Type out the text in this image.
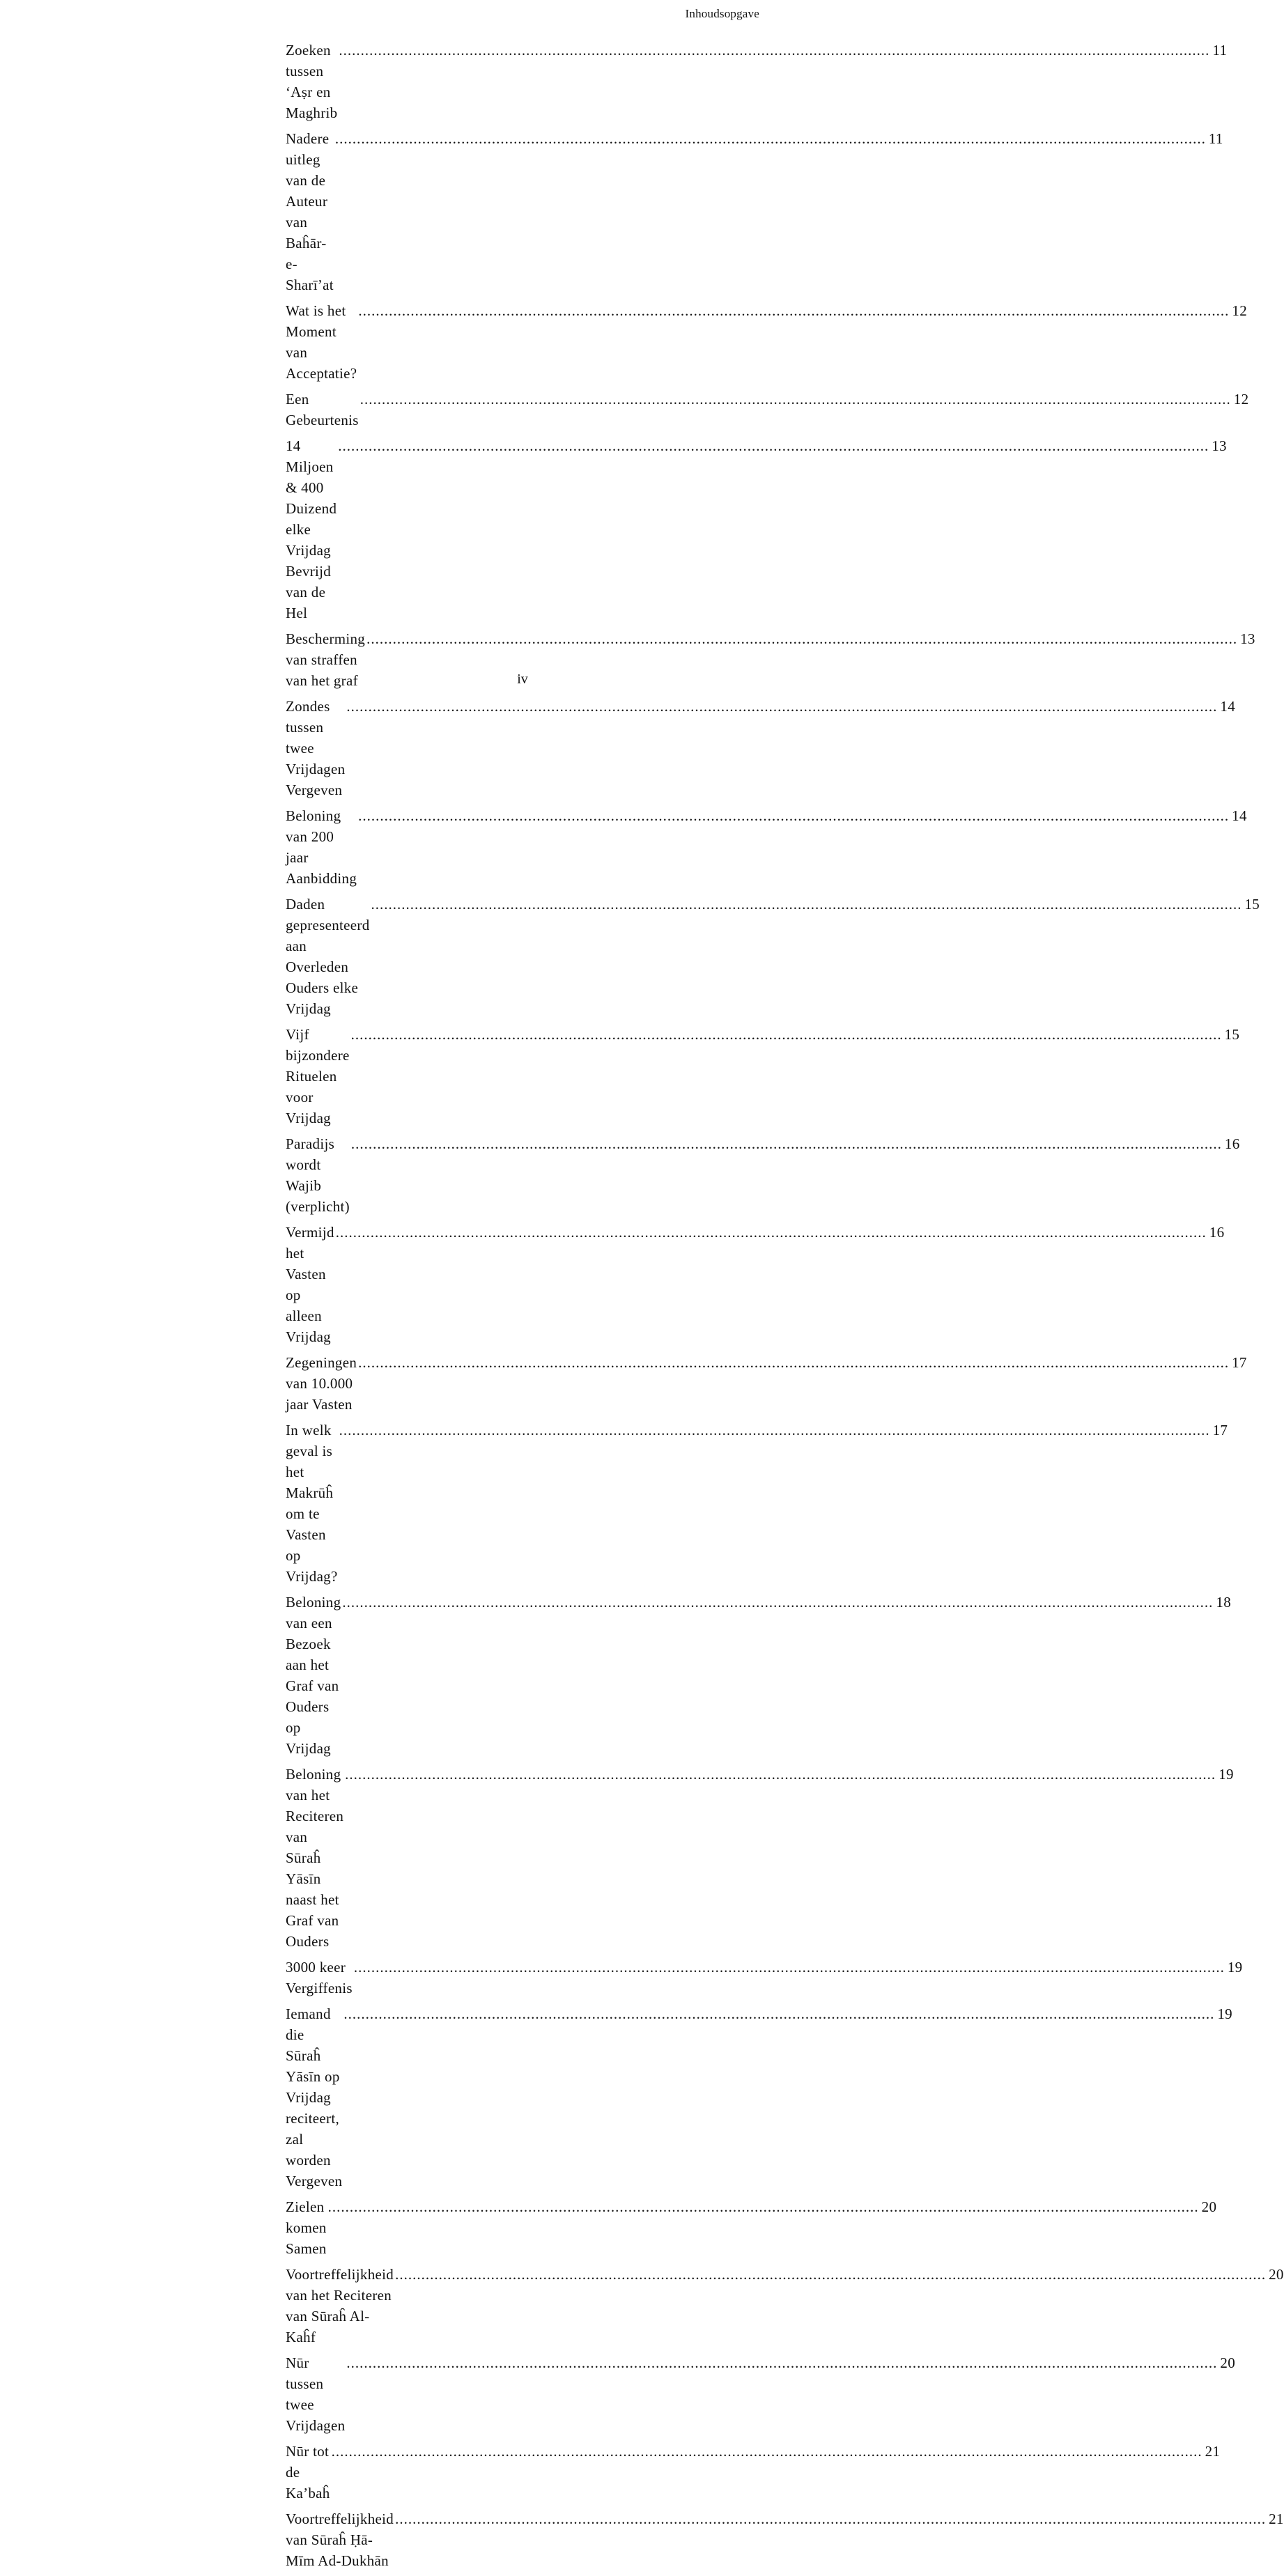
Inhoudsopgave
Zoeken tussen ‘Aṣr en Maghrib
.....
11
Nadere uitleg van de Auteur van Baĥār-e-Sharī’at
.....
11
Wat is het Moment van Acceptatie?
.....
12
Een Gebeurtenis
.....
12
14 Miljoen & 400 Duizend elke Vrijdag Bevrijd van de Hel
.....
13
Bescherming van straffen van het graf
.....
13
Zondes tussen twee Vrijdagen Vergeven
.....
14
Beloning van 200 jaar Aanbidding
.....
14
Daden gepresenteerd aan Overleden Ouders elke Vrijdag
.....
15
Vijf bijzondere Rituelen voor Vrijdag
.....
15
Paradijs wordt Wajib (verplicht)
.....
16
Vermijd het Vasten op alleen Vrijdag
.....
16
Zegeningen van 10.000 jaar Vasten
.....
17
In welk geval is het Makrūĥ om te Vasten op Vrijdag?
.....
17
Beloning van een Bezoek aan het Graf van Ouders op Vrijdag
.....
18
Beloning van het Reciteren van Sūraĥ Yāsīn naast het Graf van Ouders
.....
19
3000 keer Vergiffenis
.....
19
Iemand die Sūraĥ Yāsīn op Vrijdag reciteert, zal worden Vergeven
.....
19
Zielen komen Samen
.....
20
Voortreffelijkheid van het Reciteren van Sūraĥ Al-Kaĥf
.....
20
Nūr tussen twee Vrijdagen
.....
20
Nūr tot de Ka’baĥ
.....
21
Voortreffelijkheid van Sūraĥ Ḥā-Mīm Ad-Dukhān
.....
21
iv
